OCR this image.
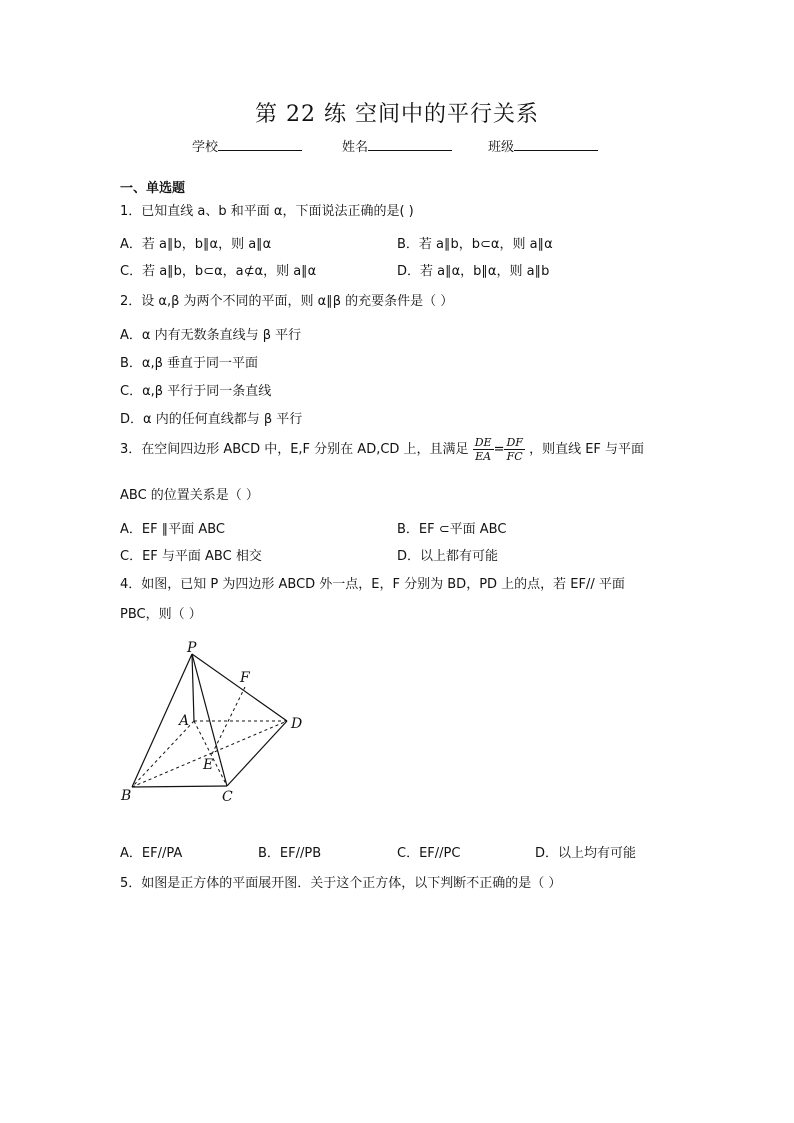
第 22 练 空间中的平行关系
学校	姓名	班级
一、单选题
1．已知直线 a、b 和平面 α，下面说法正确的是( )
A．若 a∥b，b∥α，则 a∥α	B．若 a∥b，b⊂α，则 a∥α
C．若 a∥b，b⊂α，a⊄α，则 a∥α	D．若 a∥α，b∥α，则 a∥b
2．设 α,β 为两个不同的平面，则 α∥β 的充要条件是（ ）
A．α 内有无数条直线与 β 平行
B．α,β 垂直于同一平面
C．α,β 平行于同一条直线
D．α 内的任何直线都与 β 平行
3．在空间四边形 ABCD 中，E,F 分别在 AD,CD 上，且满足 $\frac{DE}{EA} = \frac{DF}{FC}$ ，则直线 EF 与平面
ABC 的位置关系是（ ）
A．EF ∥平面 ABC	B．EF ⊂平面 ABC
C．EF 与平面 ABC 相交	D．以上都有可能
4．如图，已知 P 为四边形 ABCD 外一点，E，F 分别为 BD，PD 上的点，若 EF// 平面
PBC，则（ ）
P
F
A	D
E
B	C
A．EF//PA	B．EF//PB	C．EF//PC	D．以上均有可能
5．如图是正方体的平面展开图．关于这个正方体，以下判断不正确的是（ ）
